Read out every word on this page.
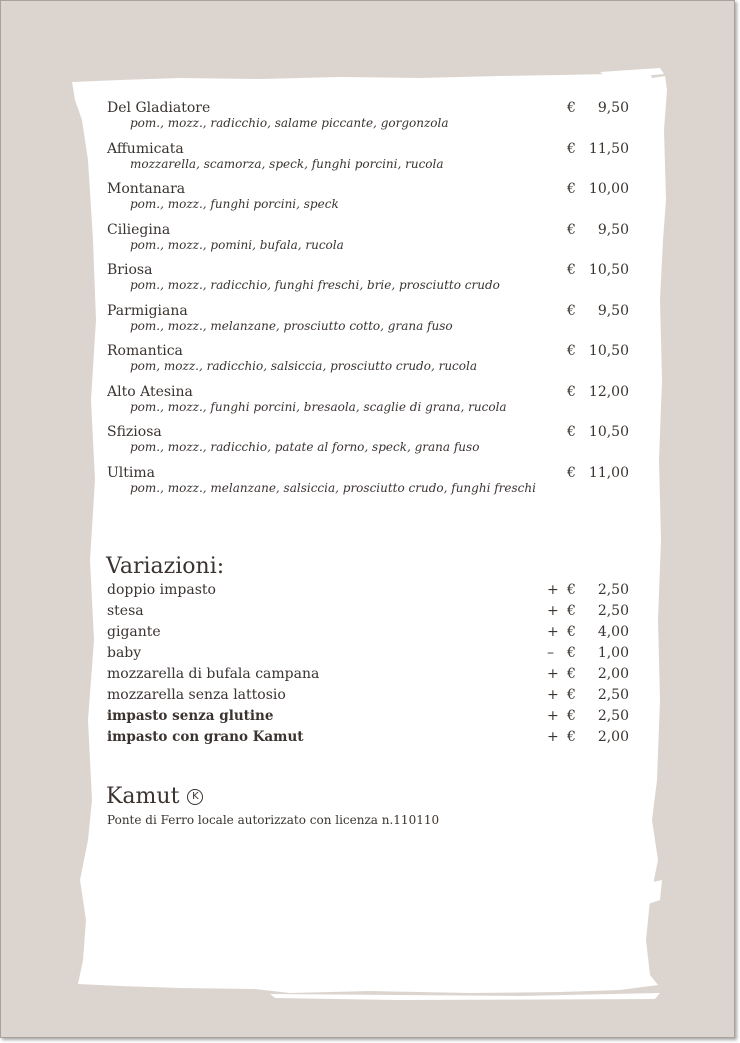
Del Gladiatore
pom., mozz., radicchio, salame piccante, gorgonzola
€ 9,50
Affumicata
mozzarella, scamorza, speck, funghi porcini, rucola
€ 11,50
Montanara
pom., mozz., funghi porcini, speck
€ 10,00
Ciliegina
pom., mozz., pomini, bufala, rucola
€ 9,50
Briosa
pom., mozz., radicchio, funghi freschi, brie, prosciutto crudo
€ 10,50
Parmigiana
pom., mozz., melanzane, prosciutto cotto, grana fuso
€ 9,50
Romantica
pom, mozz., radicchio, salsiccia, prosciutto crudo, rucola
€ 10,50
Alto Atesina
pom., mozz., funghi porcini, bresaola, scaglie di grana, rucola
€ 12,00
Sfiziosa
pom., mozz., radicchio, patate al forno, speck, grana fuso
€ 10,50
Ultima
pom., mozz., melanzane, salsiccia, prosciutto crudo, funghi freschi
€ 11,00
Variazioni:
doppio impasto	+ € 2,50
stesa	+ € 2,50
gigante	+ € 4,00
baby	– € 1,00
mozzarella di bufala campana	+ € 2,00
mozzarella senza lattosio	+ € 2,50
impasto senza glutine	+ € 2,50
impasto con grano Kamut	+ € 2,00
Kamut K
Ponte di Ferro locale autorizzato con licenza n.110110
